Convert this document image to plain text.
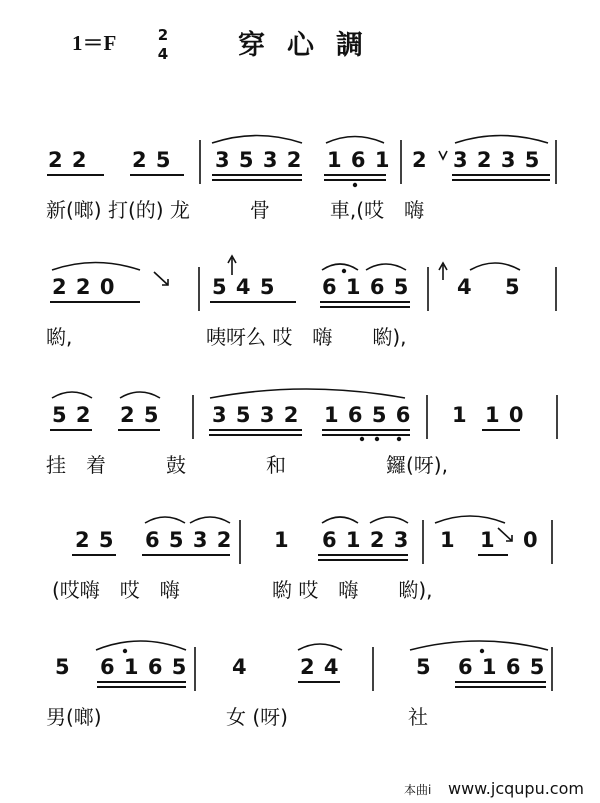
1＝F	2
4	穿心調
2 2 2 5 3 5 3 2 1 6 1 2 3 2 3 5
新(啷) 打(的) 龙　　　骨　　　車,(哎　嗨
2 2 0	5 4 5 6 1 6 5 4 5
喲,	咦呀么 哎　嗨　　喲),
5 2 2 5 3 5 3 2 1 6 5 6 1 1 0
挂　着　　　鼓　　　　和　　　　　鑼(呀),
2 5 6 5 3 2 1 6 1 2 3 1 1 0
(哎嗨　哎　嗨	喲 哎　嗨　　喲),
5 6 1 6 5 4 2 4	5 6 1 6 5
男(啷)	女 (呀)	社
本曲i www.jcqupu.com
